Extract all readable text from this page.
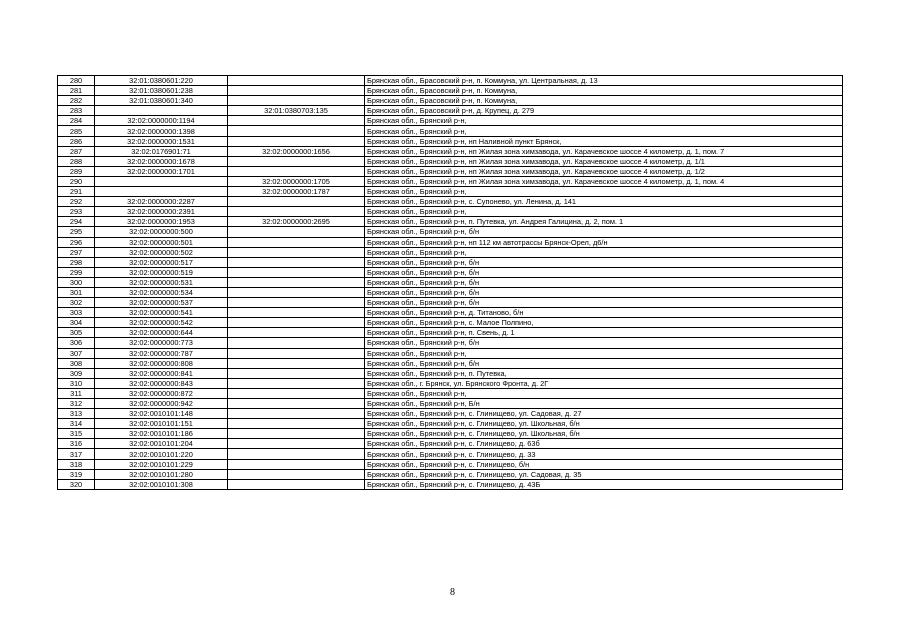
280	32:01:0380601:220		Брянская обл., Брасовский р-н, п. Коммуна, ул. Центральная, д. 13
281	32:01:0380601:238		Брянская обл., Брасовский р-н, п. Коммуна,
282	32:01:0380601:340		Брянская обл., Брасовский р-н, п. Коммуна,
283		32:01:0380703:135	Брянская обл., Брасовский р-н, д. Крупец, д. 279
284	32:02:0000000:1194		Брянская обл., Брянский р-н,
285	32:02:0000000:1398		Брянская обл., Брянский р-н,
286	32:02:0000000:1531		Брянская обл., Брянский р-н, нп Наливной пункт Брянск,
287	32:02:0176901:71	32:02:0000000:1656	Брянская обл., Брянский р-н, нп Жилая зона химзавода, ул. Карачевское шоссе 4 километр, д. 1, пом. 7
288	32:02:0000000:1678		Брянская обл., Брянский р-н, нп Жилая зона химзавода, ул. Карачевское шоссе 4 километр, д. 1/1
289	32:02:0000000:1701		Брянская обл., Брянский р-н, нп Жилая зона химзавода, ул. Карачевское шоссе 4 километр, д. 1/2
290		32:02:0000000:1705	Брянская обл., Брянский р-н, нп Жилая зона химзавода, ул. Карачевское шоссе 4 километр, д. 1, пом. 4
291		32:02:0000000:1787	Брянская обл., Брянский р-н,
292	32:02:0000000:2287		Брянская обл., Брянский р-н, с. Супонево, ул. Ленина, д. 141
293	32:02:0000000:2391		Брянская обл., Брянский р-н,
294	32:02:0000000:1953	32:02:0000000:2695	Брянская обл., Брянский р-н, п. Путевка, ул. Андрея Галицина, д. 2, пом. 1
295	32:02:0000000:500		Брянская обл., Брянский р-н, б/н
296	32:02:0000000:501		Брянская обл., Брянский р-н, нп 112 км автотрассы Брянск-Орел, д6/н
297	32:02:0000000:502		Брянская обл., Брянский р-н,
298	32:02:0000000:517		Брянская обл., Брянский р-н, б/н
299	32:02:0000000:519		Брянская обл., Брянский р-н, б/н
300	32:02:0000000:531		Брянская обл., Брянский р-н, б/н
301	32:02:0000000:534		Брянская обл., Брянский р-н, б/н
302	32:02:0000000:537		Брянская обл., Брянский р-н, б/н
303	32:02:0000000:541		Брянская обл., Брянский р-н, д. Титаново, б/н
304	32:02:0000000:542		Брянская обл., Брянский р-н, с. Малое Полпино,
305	32:02:0000000:644		Брянская обл., Брянский р-н, п. Свень, д. 1
306	32:02:0000000:773		Брянская обл., Брянский р-н, б/н
307	32:02:0000000:787		Брянская обл., Брянский р-н,
308	32:02:0000000:808		Брянская обл., Брянский р-н, б/н
309	32:02:0000000:841		Брянская обл., Брянский р-н, п. Путевка,
310	32:02:0000000:843		Брянская обл., г. Брянск, ул. Брянского Фронта, д. 2Г
311	32:02:0000000:872		Брянская обл., Брянский р-н,
312	32:02:0000000:942		Брянская обл., Брянский р-н, Б/н
313	32:02:0010101:148		Брянская обл., Брянский р-н, с. Глинищево, ул. Садовая, д. 27
314	32:02:0010101:151		Брянская обл., Брянский р-н, с. Глинищево, ул. Школьная, б/н
315	32:02:0010101:186		Брянская обл., Брянский р-н, с. Глинищево, ул. Школьная, б/н
316	32:02:0010101:204		Брянская обл., Брянский р-н, с. Глинищево, д. 63б
317	32:02:0010101:220		Брянская обл., Брянский р-н, с. Глинищево, д. 33
318	32:02:0010101:229		Брянская обл., Брянский р-н, с. Глинищево, б/н
319	32:02:0010101:280		Брянская обл., Брянский р-н, с. Глинищево, ул. Садовая, д. 35
320	32:02:0010101:308		Брянская обл., Брянский р-н, с. Глинищево, д. 43Б
8
